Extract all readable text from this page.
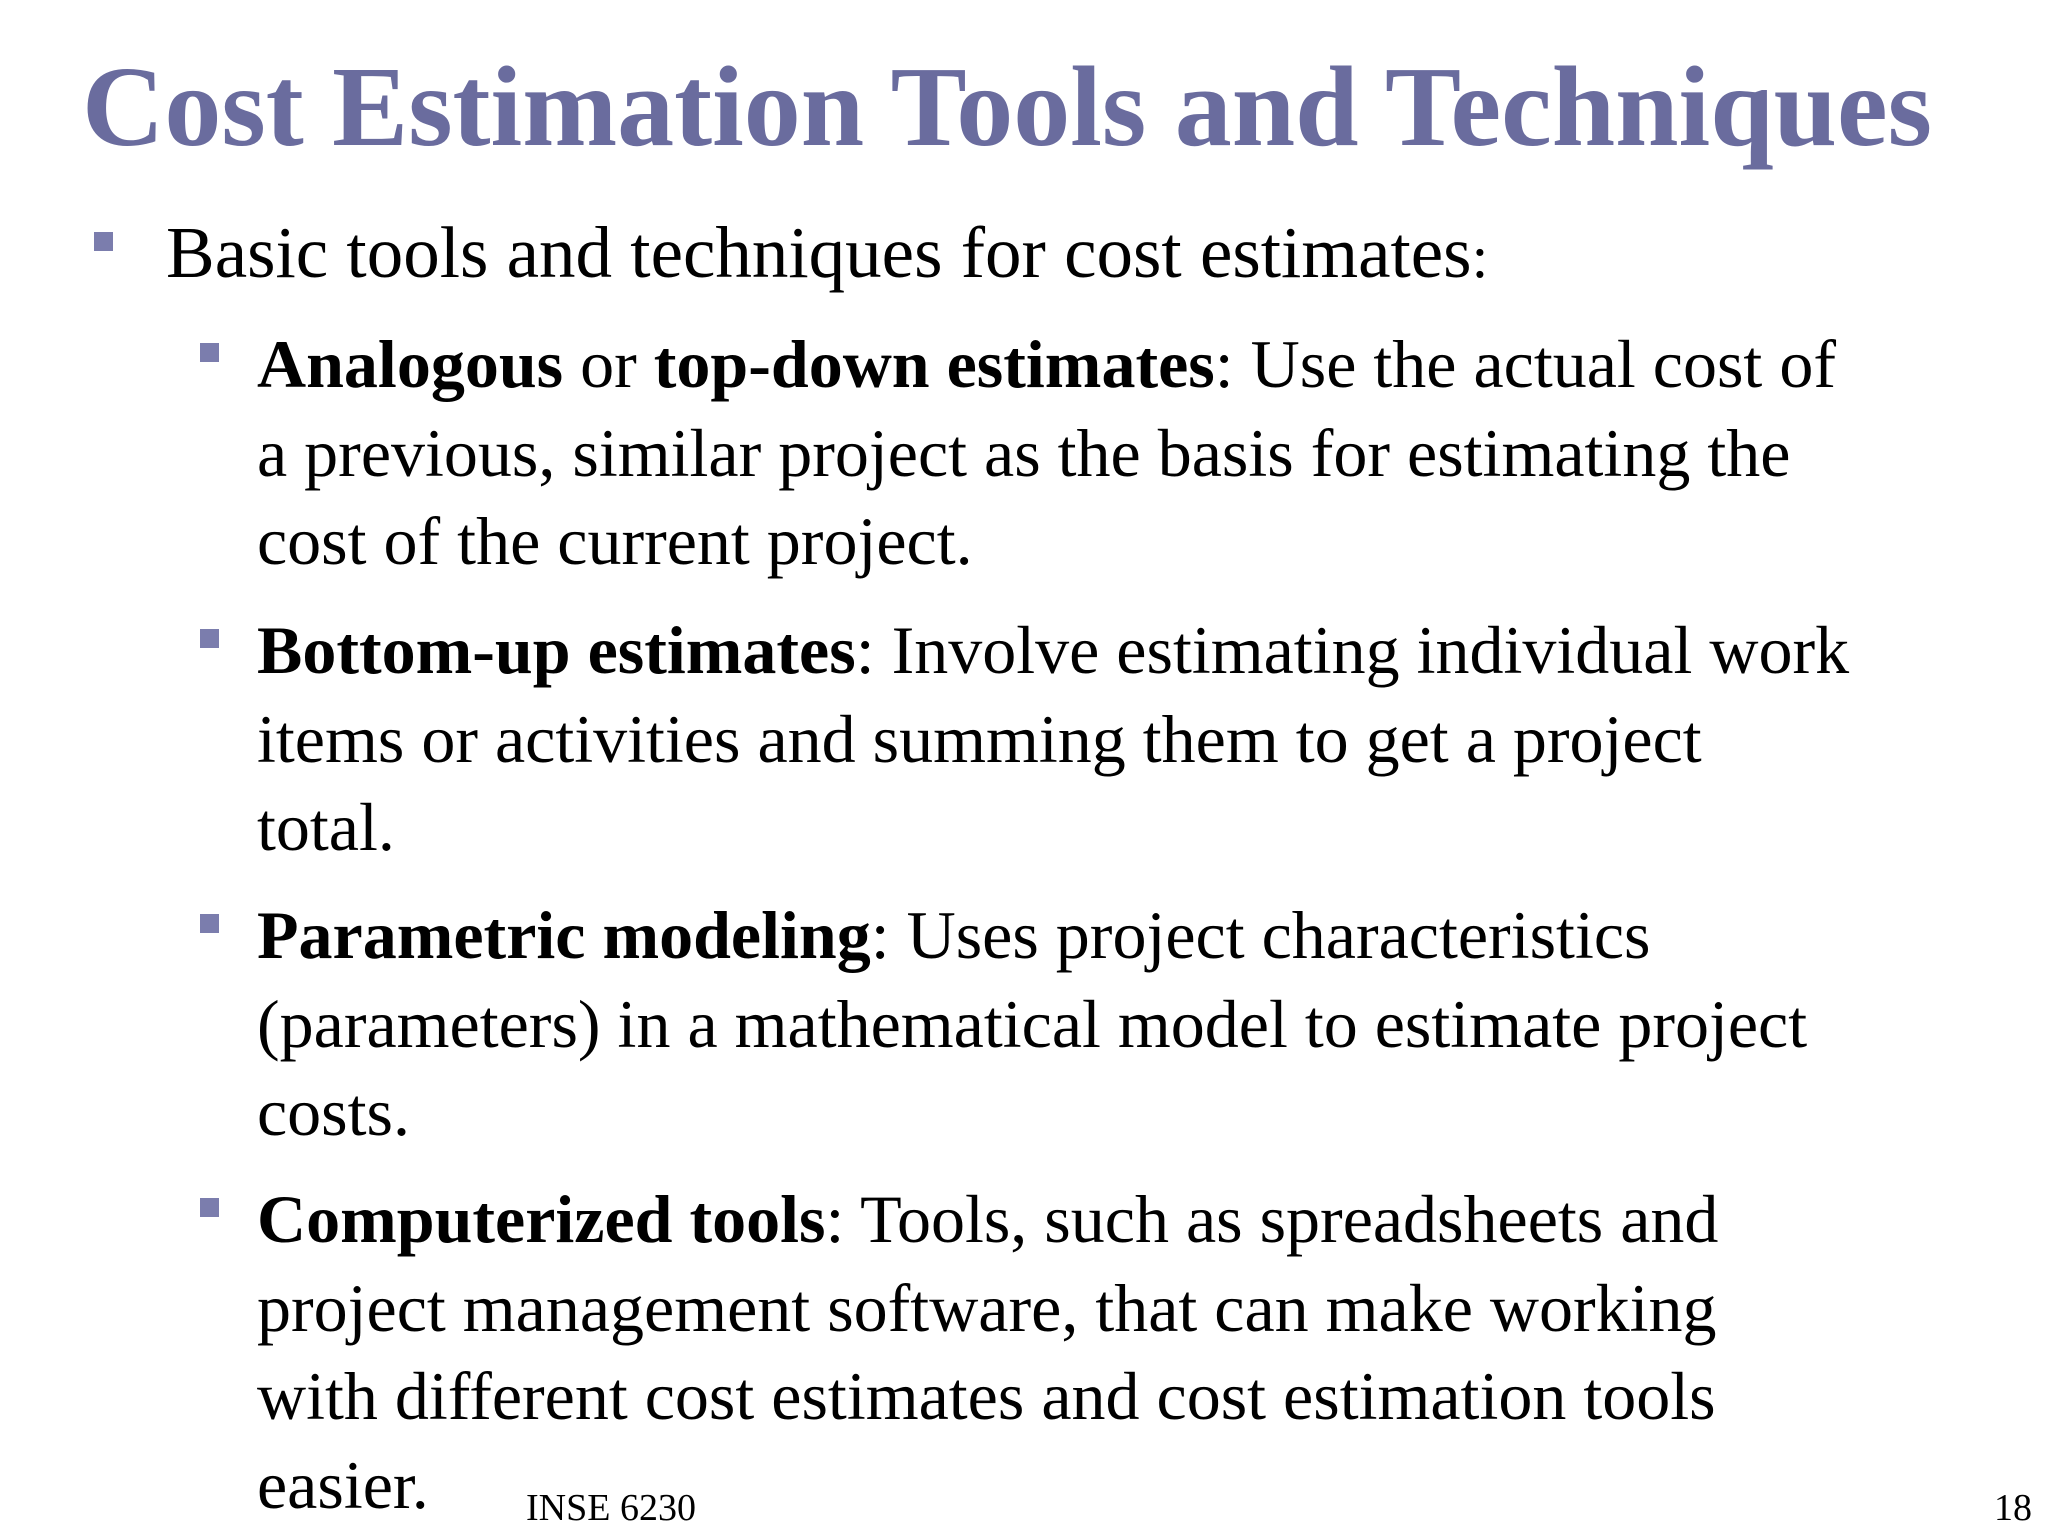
Cost Estimation Tools and Techniques
Basic tools and techniques for cost estimates:
Analogous or top-down estimates: Use the actual cost of
a previous, similar project as the basis for estimating the
cost of the current project.
Bottom-up estimates: Involve estimating individual work
items or activities and summing them to get a project
total.
Parametric modeling: Uses project characteristics
(parameters) in a mathematical model to estimate project
costs.
Computerized tools: Tools, such as spreadsheets and
project management software, that can make working
with different cost estimates and cost estimation tools
easier.	INSE 6230	18
